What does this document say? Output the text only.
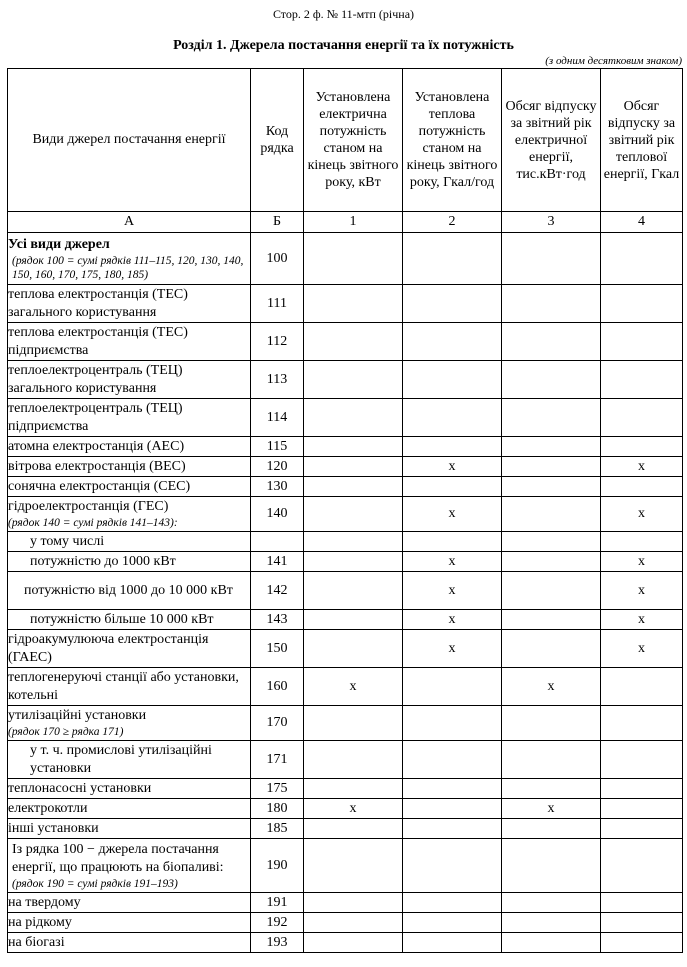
Стор. 2 ф. № 11-мтп (річна)
Розділ 1. Джерела постачання енергії та їх потужність
(з одним десятковим знаком)
Види джерел постачання енергії	Код рядка	Установлена електрична потужність станом на кінець звітного року, кВт	Установлена теплова потужність станом на кінець звітного року, Гкал/год	Обсяг відпуску за звітний рік електричної енергії, тис.кВт·год	Обсяг відпуску за звітний рік теплової енергії, Гкал
А	Б	1	2	3	4
Усі види джерел
(рядок 100 = сумі рядків 111–115, 120, 130, 140, 150, 160, 170, 175, 180, 185)	100				
теплова електростанція (ТЕС) загального користування	111				
теплова електростанція (ТЕС) підприємства	112				
теплоелектроцентраль (ТЕЦ) загального користування	113				
теплоелектроцентраль (ТЕЦ) підприємства	114				
атомна електростанція (АЕС)	115				
вітрова електростанція (ВЕС)	120		x		x
сонячна електростанція (СЕС)	130				
гідроелектростанція (ГЕС)
(рядок 140 = сумі рядків 141–143):	140		x		x
у тому числі					
потужністю до 1000 кВт	141		x		x
потужністю від 1000 до 10 000 кВт	142		x		x
потужністю більше 10 000 кВт	143		x		x
гідроакумулююча електростанція (ГАЕС)	150		x		x
теплогенеруючі станції або установки, котельні	160	x		x	
утилізаційні установки
(рядок 170 ≥ рядка 171)	170				
у т. ч. промислові утилізаційні установки	171				
теплонасосні установки	175				
електрокотли	180	x		x	
інші установки	185				
Із рядка 100 − джерела постачання енергії, що працюють на біопаливі:
(рядок 190 = сумі рядків 191–193)	190				
на твердому	191				
на рідкому	192				
на біогазі	193				
